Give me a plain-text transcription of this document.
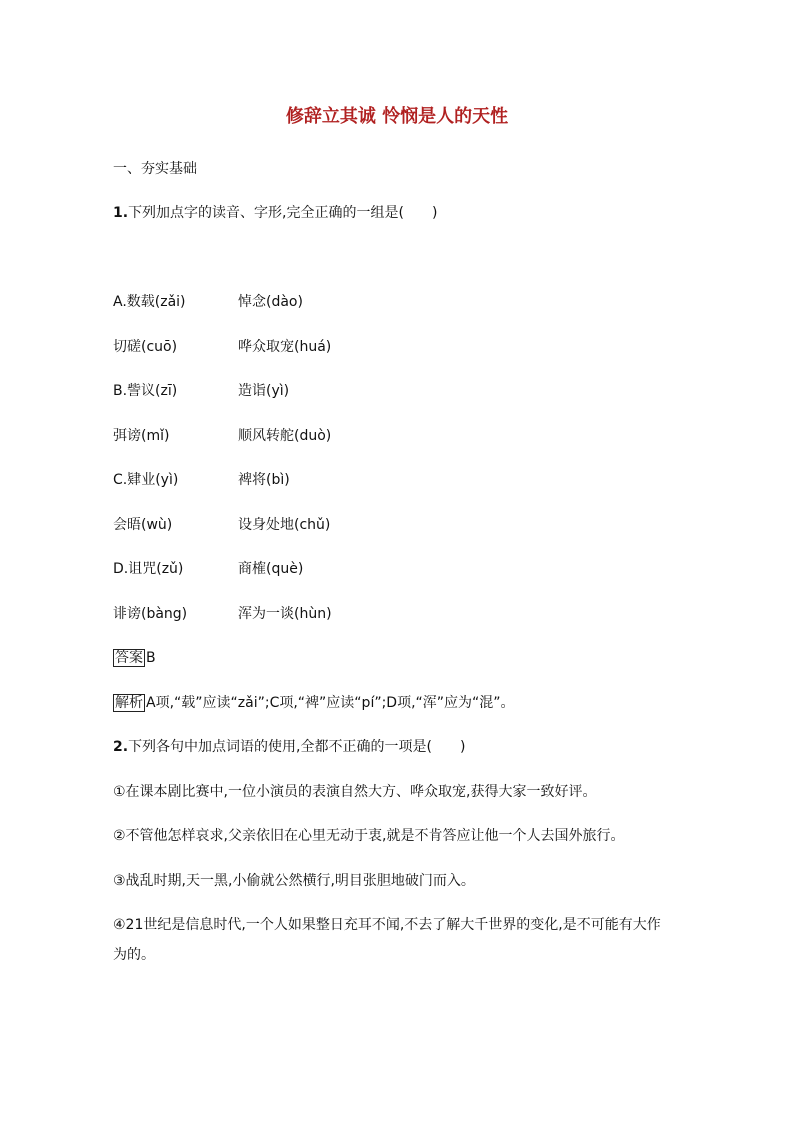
修辞立其诚 怜悯是人的天性
一、夯实基础
1.下列加点字的读音、字形,完全正确的一组是(　　)
A.数载(zǎi)	悼念(dào)
切磋(cuō)	哗众取宠(huá)
B.訾议(zī)	造诣(yì)
弭谤(mǐ)	顺风转舵(duò)
C.肄业(yì)	裨将(bì)
会晤(wù)	设身处地(chǔ)
D.诅咒(zǔ)	商榷(què)
诽谤(bàng)	浑为一谈(hùn)
答案 B
解析 A项,“载”应读“zǎi”;C项,“裨”应读“pí”;D项,“浑”应为“混”。
2.下列各句中加点词语的使用,全都不正确的一项是(　　)
①在课本剧比赛中,一位小演员的表演自然大方、哗众取宠,获得大家一致好评。
②不管他怎样哀求,父亲依旧在心里无动于衷,就是不肯答应让他一个人去国外旅行。
③战乱时期,天一黑,小偷就公然横行,明目张胆地破门而入。
④21世纪是信息时代,一个人如果整日充耳不闻,不去了解大千世界的变化,是不可能有大作
为的。
